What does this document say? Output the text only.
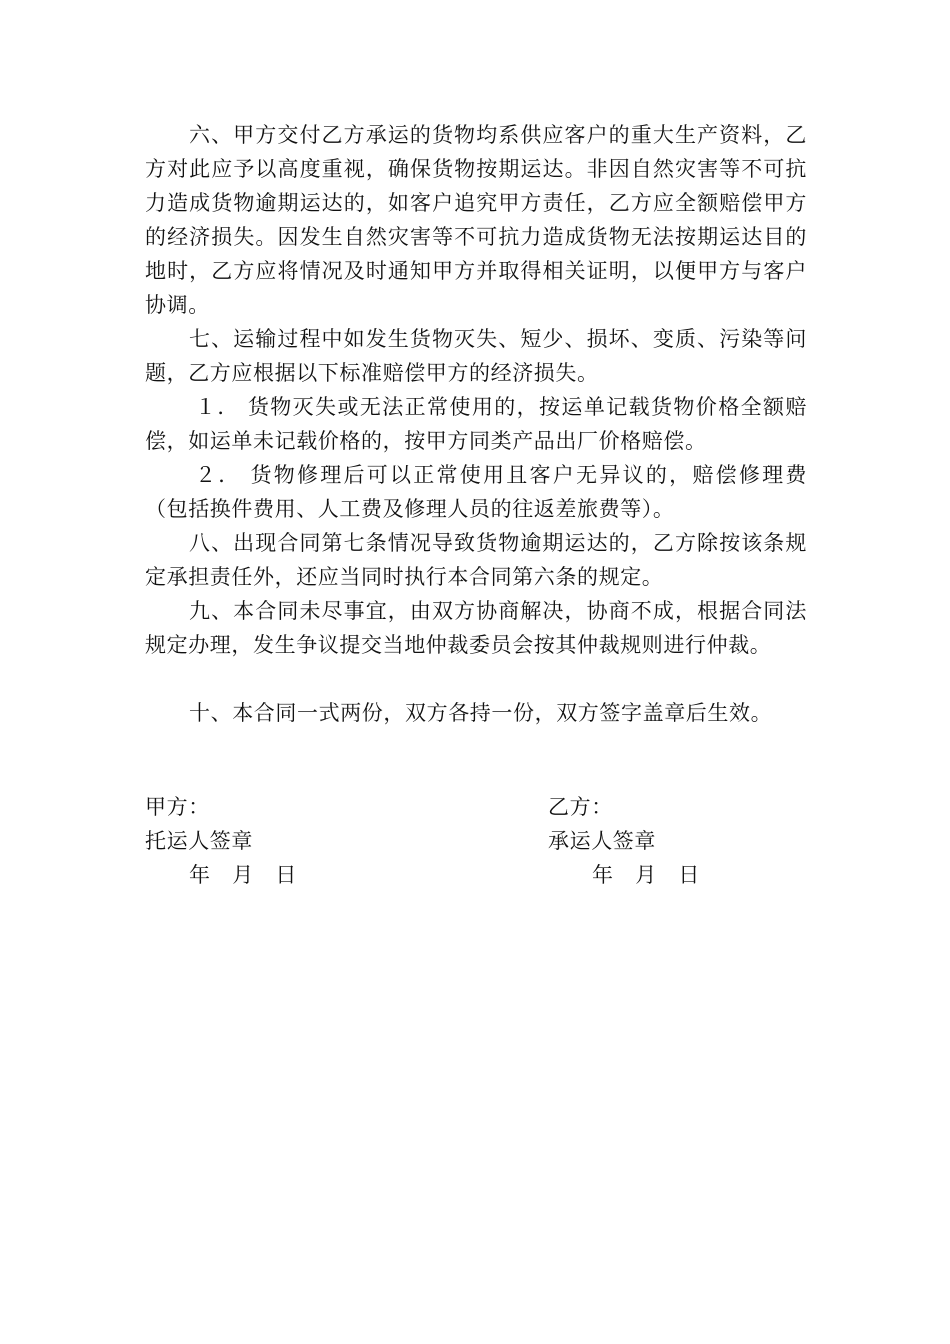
六、甲方交付乙方承运的货物均系供应客户的重大生产资料，乙方对此应予以高度重视，确保货物按期运达。非因自然灾害等不可抗力造成货物逾期运达的，如客户追究甲方责任，乙方应全额赔偿甲方的经济损失。因发生自然灾害等不可抗力造成货物无法按期运达目的地时，乙方应将情况及时通知甲方并取得相关证明，以便甲方与客户协调。

七、运输过程中如发生货物灭失、短少、损坏、变质、污染等问题，乙方应根据以下标准赔偿甲方的经济损失。

１． 货物灭失或无法正常使用的，按运单记载货物价格全额赔偿，如运单未记载价格的，按甲方同类产品出厂价格赔偿。

２． 货物修理后可以正常使用且客户无异议的，赔偿修理费（包括换件费用、人工费及修理人员的往返差旅费等）。

八、出现合同第七条情况导致货物逾期运达的，乙方除按该条规定承担责任外，还应当同时执行本合同第六条的规定。

九、本合同未尽事宜，由双方协商解决，协商不成，根据合同法规定办理，发生争议提交当地仲裁委员会按其仲裁规则进行仲裁。

十、本合同一式两份，双方各持一份，双方签字盖章后生效。

甲方：
托运人签章
年　月　日
乙方：
承运人签章
年　月　日
